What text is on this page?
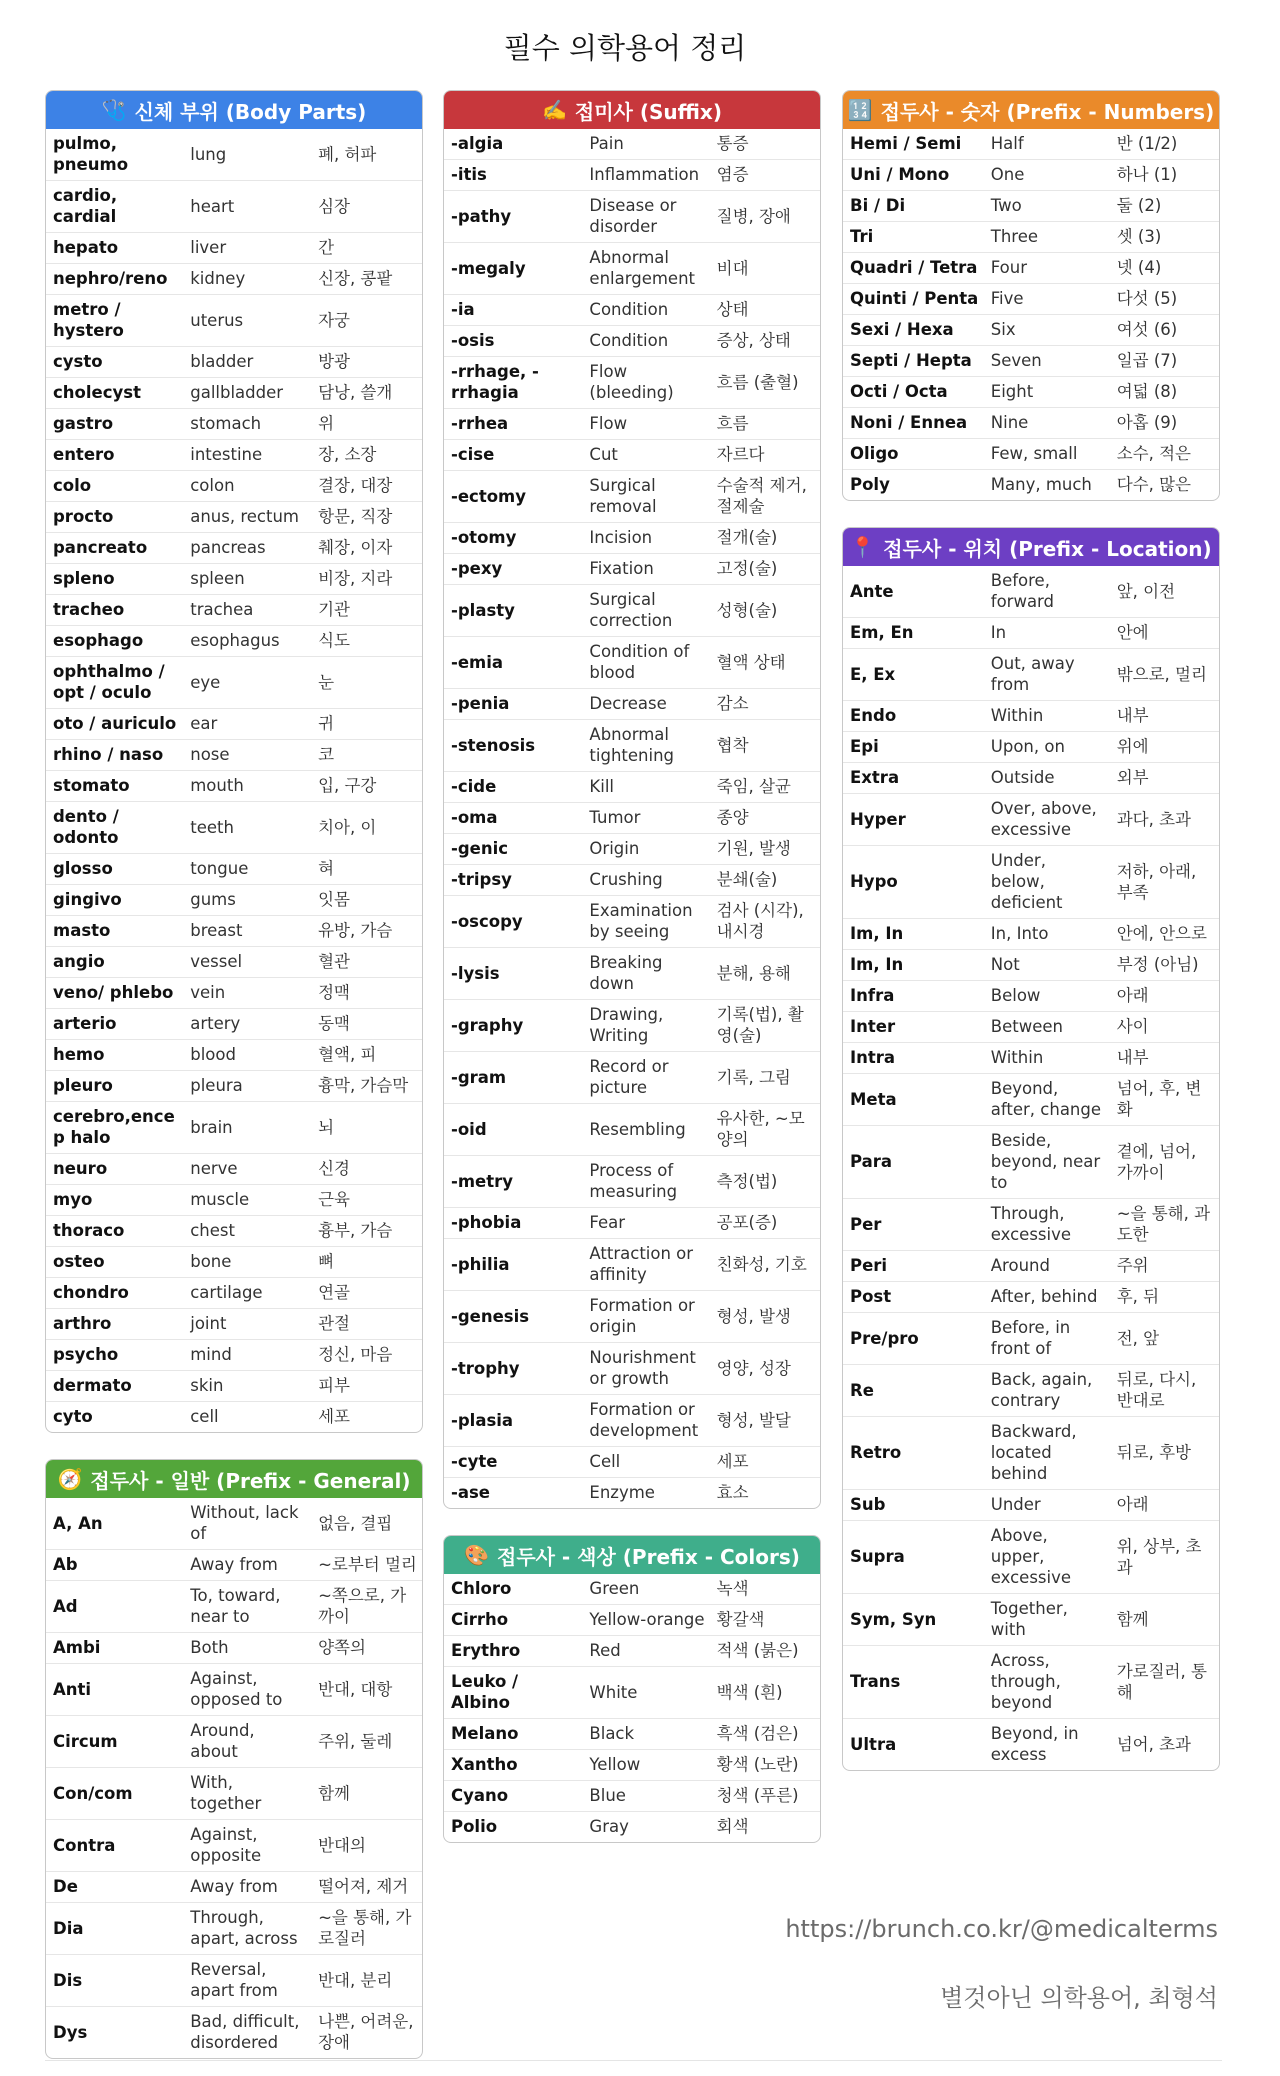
필수 의학용어 정리
🩺 신체 부위 (Body Parts)
pulmo, pneumo	lung	폐, 허파
cardio, cardial	heart	심장
hepato	liver	간
nephro/reno	kidney	신장, 콩팥
metro / hystero	uterus	자궁
cysto	bladder	방광
cholecyst	gallbladder	담낭, 쓸개
gastro	stomach	위
entero	intestine	장, 소장
colo	colon	결장, 대장
procto	anus, rectum	항문, 직장
pancreato	pancreas	췌장, 이자
spleno	spleen	비장, 지라
tracheo	trachea	기관
esophago	esophagus	식도
ophthalmo / opt / oculo	eye	눈
oto / auriculo	ear	귀
rhino / naso	nose	코
stomato	mouth	입, 구강
dento / odonto	teeth	치아, 이
glosso	tongue	혀
gingivo	gums	잇몸
masto	breast	유방, 가슴
angio	vessel	혈관
veno/ phlebo	vein	정맥
arterio	artery	동맥
hemo	blood	혈액, 피
pleuro	pleura	흉막, 가슴막
cerebro,encep halo	brain	뇌
neuro	nerve	신경
myo	muscle	근육
thoraco	chest	흉부, 가슴
osteo	bone	뼈
chondro	cartilage	연골
arthro	joint	관절
psycho	mind	정신, 마음
dermato	skin	피부
cyto	cell	세포
🧭 접두사 - 일반 (Prefix - General)
A, An	Without, lack of	없음, 결핍
Ab	Away from	~로부터 멀리
Ad	To, toward, near to	~쪽으로, 가까이
Ambi	Both	양쪽의
Anti	Against, opposed to	반대, 대항
Circum	Around, about	주위, 둘레
Con/com	With, together	함께
Contra	Against, opposite	반대의
De	Away from	떨어져, 제거
Dia	Through, apart, across	~을 통해, 가로질러
Dis	Reversal, apart from	반대, 분리
Dys	Bad, difficult, disordered	나쁜, 어려운, 장애
✍️ 접미사 (Suffix)
-algia	Pain	통증
-itis	Inflammation	염증
-pathy	Disease or disorder	질병, 장애
-megaly	Abnormal enlargement	비대
-ia	Condition	상태
-osis	Condition	증상, 상태
-rrhage, -rrhagia	Flow (bleeding)	흐름 (출혈)
-rrhea	Flow	흐름
-cise	Cut	자르다
-ectomy	Surgical removal	수술적 제거, 절제술
-otomy	Incision	절개(술)
-pexy	Fixation	고정(술)
-plasty	Surgical correction	성형(술)
-emia	Condition of blood	혈액 상태
-penia	Decrease	감소
-stenosis	Abnormal tightening	협착
-cide	Kill	죽임, 살균
-oma	Tumor	종양
-genic	Origin	기원, 발생
-tripsy	Crushing	분쇄(술)
-oscopy	Examination by seeing	검사 (시각), 내시경
-lysis	Breaking down	분해, 용해
-graphy	Drawing, Writing	기록(법), 촬영(술)
-gram	Record or picture	기록, 그림
-oid	Resembling	유사한, ~모양의
-metry	Process of measuring	측정(법)
-phobia	Fear	공포(증)
-philia	Attraction or affinity	친화성, 기호
-genesis	Formation or origin	형성, 발생
-trophy	Nourishment or growth	영양, 성장
-plasia	Formation or development	형성, 발달
-cyte	Cell	세포
-ase	Enzyme	효소
🎨 접두사 - 색상 (Prefix - Colors)
Chloro	Green	녹색
Cirrho	Yellow-orange	황갈색
Erythro	Red	적색 (붉은)
Leuko / Albino	White	백색 (흰)
Melano	Black	흑색 (검은)
Xantho	Yellow	황색 (노란)
Cyano	Blue	청색 (푸른)
Polio	Gray	회색
🔢 접두사 - 숫자 (Prefix - Numbers)
Hemi / Semi	Half	반 (1/2)
Uni / Mono	One	하나 (1)
Bi / Di	Two	둘 (2)
Tri	Three	셋 (3)
Quadri / Tetra	Four	넷 (4)
Quinti / Penta	Five	다섯 (5)
Sexi / Hexa	Six	여섯 (6)
Septi / Hepta	Seven	일곱 (7)
Octi / Octa	Eight	여덟 (8)
Noni / Ennea	Nine	아홉 (9)
Oligo	Few, small	소수, 적은
Poly	Many, much	다수, 많은
📍 접두사 - 위치 (Prefix - Location)
Ante	Before, forward	앞, 이전
Em, En	In	안에
E, Ex	Out, away from	밖으로, 멀리
Endo	Within	내부
Epi	Upon, on	위에
Extra	Outside	외부
Hyper	Over, above, excessive	과다, 초과
Hypo	Under, below, deficient	저하, 아래, 부족
Im, In	In, Into	안에, 안으로
Im, In	Not	부정 (아님)
Infra	Below	아래
Inter	Between	사이
Intra	Within	내부
Meta	Beyond, after, change	넘어, 후, 변화
Para	Beside, beyond, near to	곁에, 넘어, 가까이
Per	Through, excessive	~을 통해, 과도한
Peri	Around	주위
Post	After, behind	후, 뒤
Pre/pro	Before, in front of	전, 앞
Re	Back, again, contrary	뒤로, 다시, 반대로
Retro	Backward, located behind	뒤로, 후방
Sub	Under	아래
Supra	Above, upper, excessive	위, 상부, 초과
Sym, Syn	Together, with	함께
Trans	Across, through, beyond	가로질러, 통해
Ultra	Beyond, in excess	넘어, 초과
https://brunch.co.kr/@medicalterms
별것아닌 의학용어, 최형석
